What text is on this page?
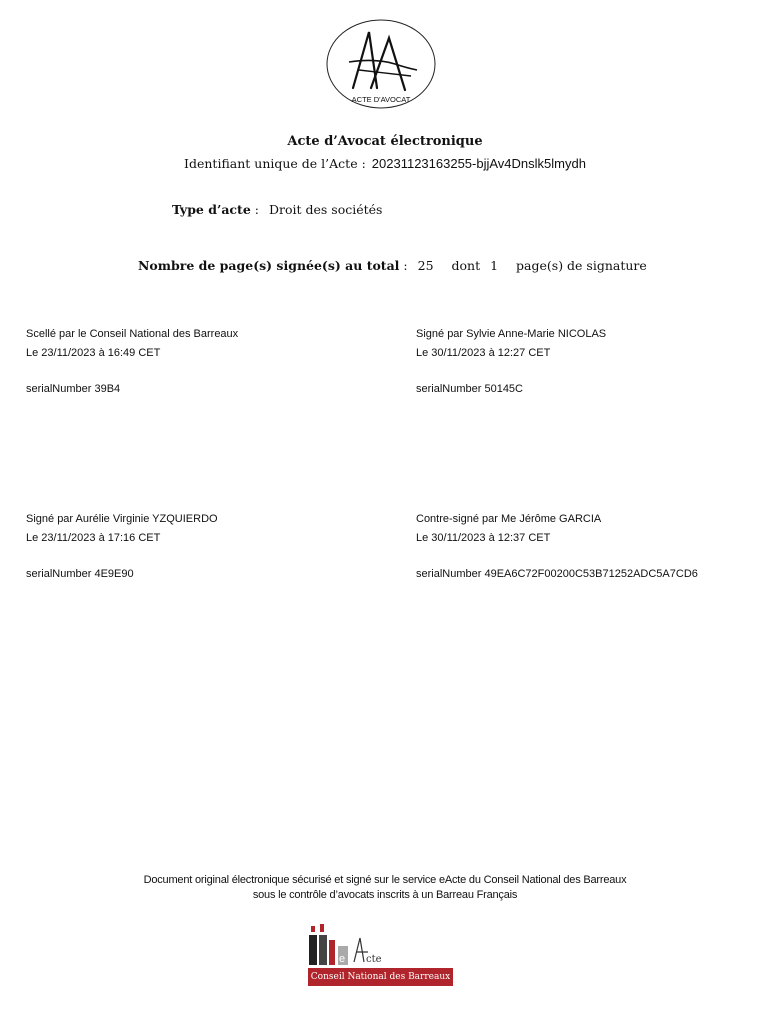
ACTE D'AVOCAT
Acte d’Avocat électronique
Identifiant unique de l’Acte : 20231123163255-bjjAv4Dnslk5lmydh
Type d’acte : Droit des sociétés
Nombre de page(s) signée(s) au total : 25 dont 1 page(s) de signature
Scellé par le Conseil National des Barreaux
Le 23/11/2023 à 16:49 CET
serialNumber 39B4
Signé par Sylvie Anne-Marie NICOLAS
Le 30/11/2023 à 12:27 CET
serialNumber 50145C
Signé par Aurélie Virginie YZQUIERDO
Le 23/11/2023 à 17:16 CET
serialNumber 4E9E90
Contre-signé par Me Jérôme GARCIA
Le 30/11/2023 à 12:37 CET
serialNumber 49EA6C72F00200C53B71252ADC5A7CD6
Document original électronique sécurisé et signé sur le service eActe du Conseil National des Barreaux
sous le contrôle d’avocats inscrits à un Barreau Français
e cte
Conseil National des Barreaux
